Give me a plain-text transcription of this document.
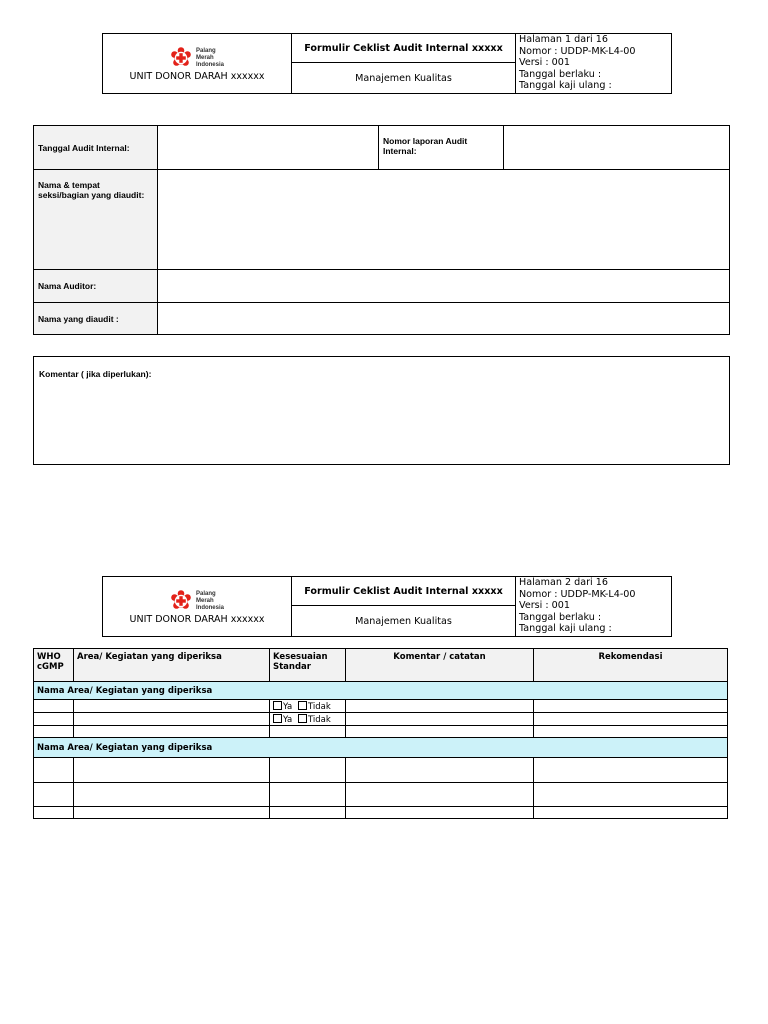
Palang
Merah
Indonesia
UNIT DONOR DARAH xxxxxx
	Formulir Ceklist Audit Internal xxxxx	
Halaman 1 dari 16
Nomor : UDDP-MK-L4-00
Versi : 001
Tanggal berlaku :
Tanggal kaji ulang :

Manajemen Kualitas
Tanggal Audit Internal:		Nomor laporan Audit Internal:	
Nama & tempat seksi/bagian yang diaudit:			
Nama Auditor:			
Nama yang diaudit :			
Komentar ( jika diperlukan):
Palang
Merah
Indonesia
UNIT DONOR DARAH xxxxxx
	Formulir Ceklist Audit Internal xxxxx	
Halaman 2 dari 16
Nomor : UDDP-MK-L4-00
Versi : 001
Tanggal berlaku :
Tanggal kaji ulang :

Manajemen Kualitas
WHO cGMP	Area/ Kegiatan yang diperiksa	Kesesuaian Standar	Komentar / catatan	Rekomendasi
Nama Area/ Kegiatan yang diperiksa				
		Ya Tidak		
		Ya Tidak		

Nama Area/ Kegiatan yang diperiksa				
